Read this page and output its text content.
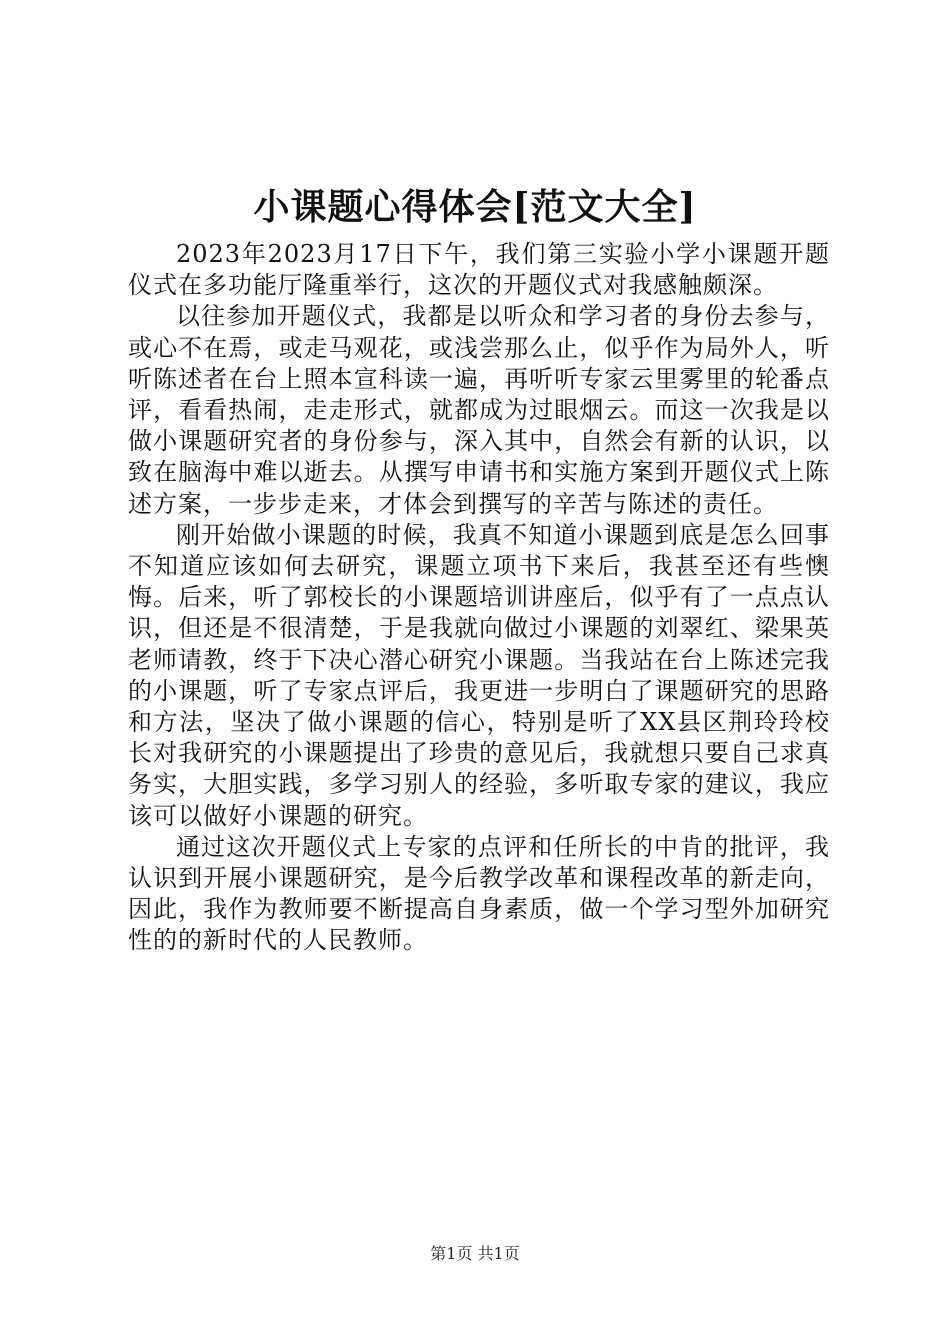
小课题心得体会[范文大全]

2023年2023月17日下午，我们第三实验小学小课题开题仪式在多功能厅隆重举行，这次的开题仪式对我感触颇深。

以往参加开题仪式，我都是以听众和学习者的身份去参与，或心不在焉，或走马观花，或浅尝那么止，似乎作为局外人，听听陈述者在台上照本宣科读一遍，再听听专家云里雾里的轮番点评，看看热闹，走走形式，就都成为过眼烟云。而这一次我是以做小课题研究者的身份参与，深入其中，自然会有新的认识，以致在脑海中难以逝去。从撰写申请书和实施方案到开题仪式上陈述方案，一步步走来，才体会到撰写的辛苦与陈述的责任。

刚开始做小课题的时候，我真不知道小课题到底是怎么回事不知道应该如何去研究，课题立项书下来后，我甚至还有些懊悔。后来，听了郭校长的小课题培训讲座后，似乎有了一点点认识，但还是不很清楚，于是我就向做过小课题的刘翠红、梁果英老师请教，终于下决心潜心研究小课题。当我站在台上陈述完我的小课题，听了专家点评后，我更进一步明白了课题研究的思路和方法，坚决了做小课题的信心，特别是听了XX县区荆玲玲校长对我研究的小课题提出了珍贵的意见后，我就想只要自己求真务实，大胆实践，多学习别人的经验，多听取专家的建议，我应该可以做好小课题的研究。

通过这次开题仪式上专家的点评和任所长的中肯的批评，我认识到开展小课题研究，是今后教学改革和课程改革的新走向，因此，我作为教师要不断提高自身素质，做一个学习型外加研究性的的新时代的人民教师。

第1页 共1页
